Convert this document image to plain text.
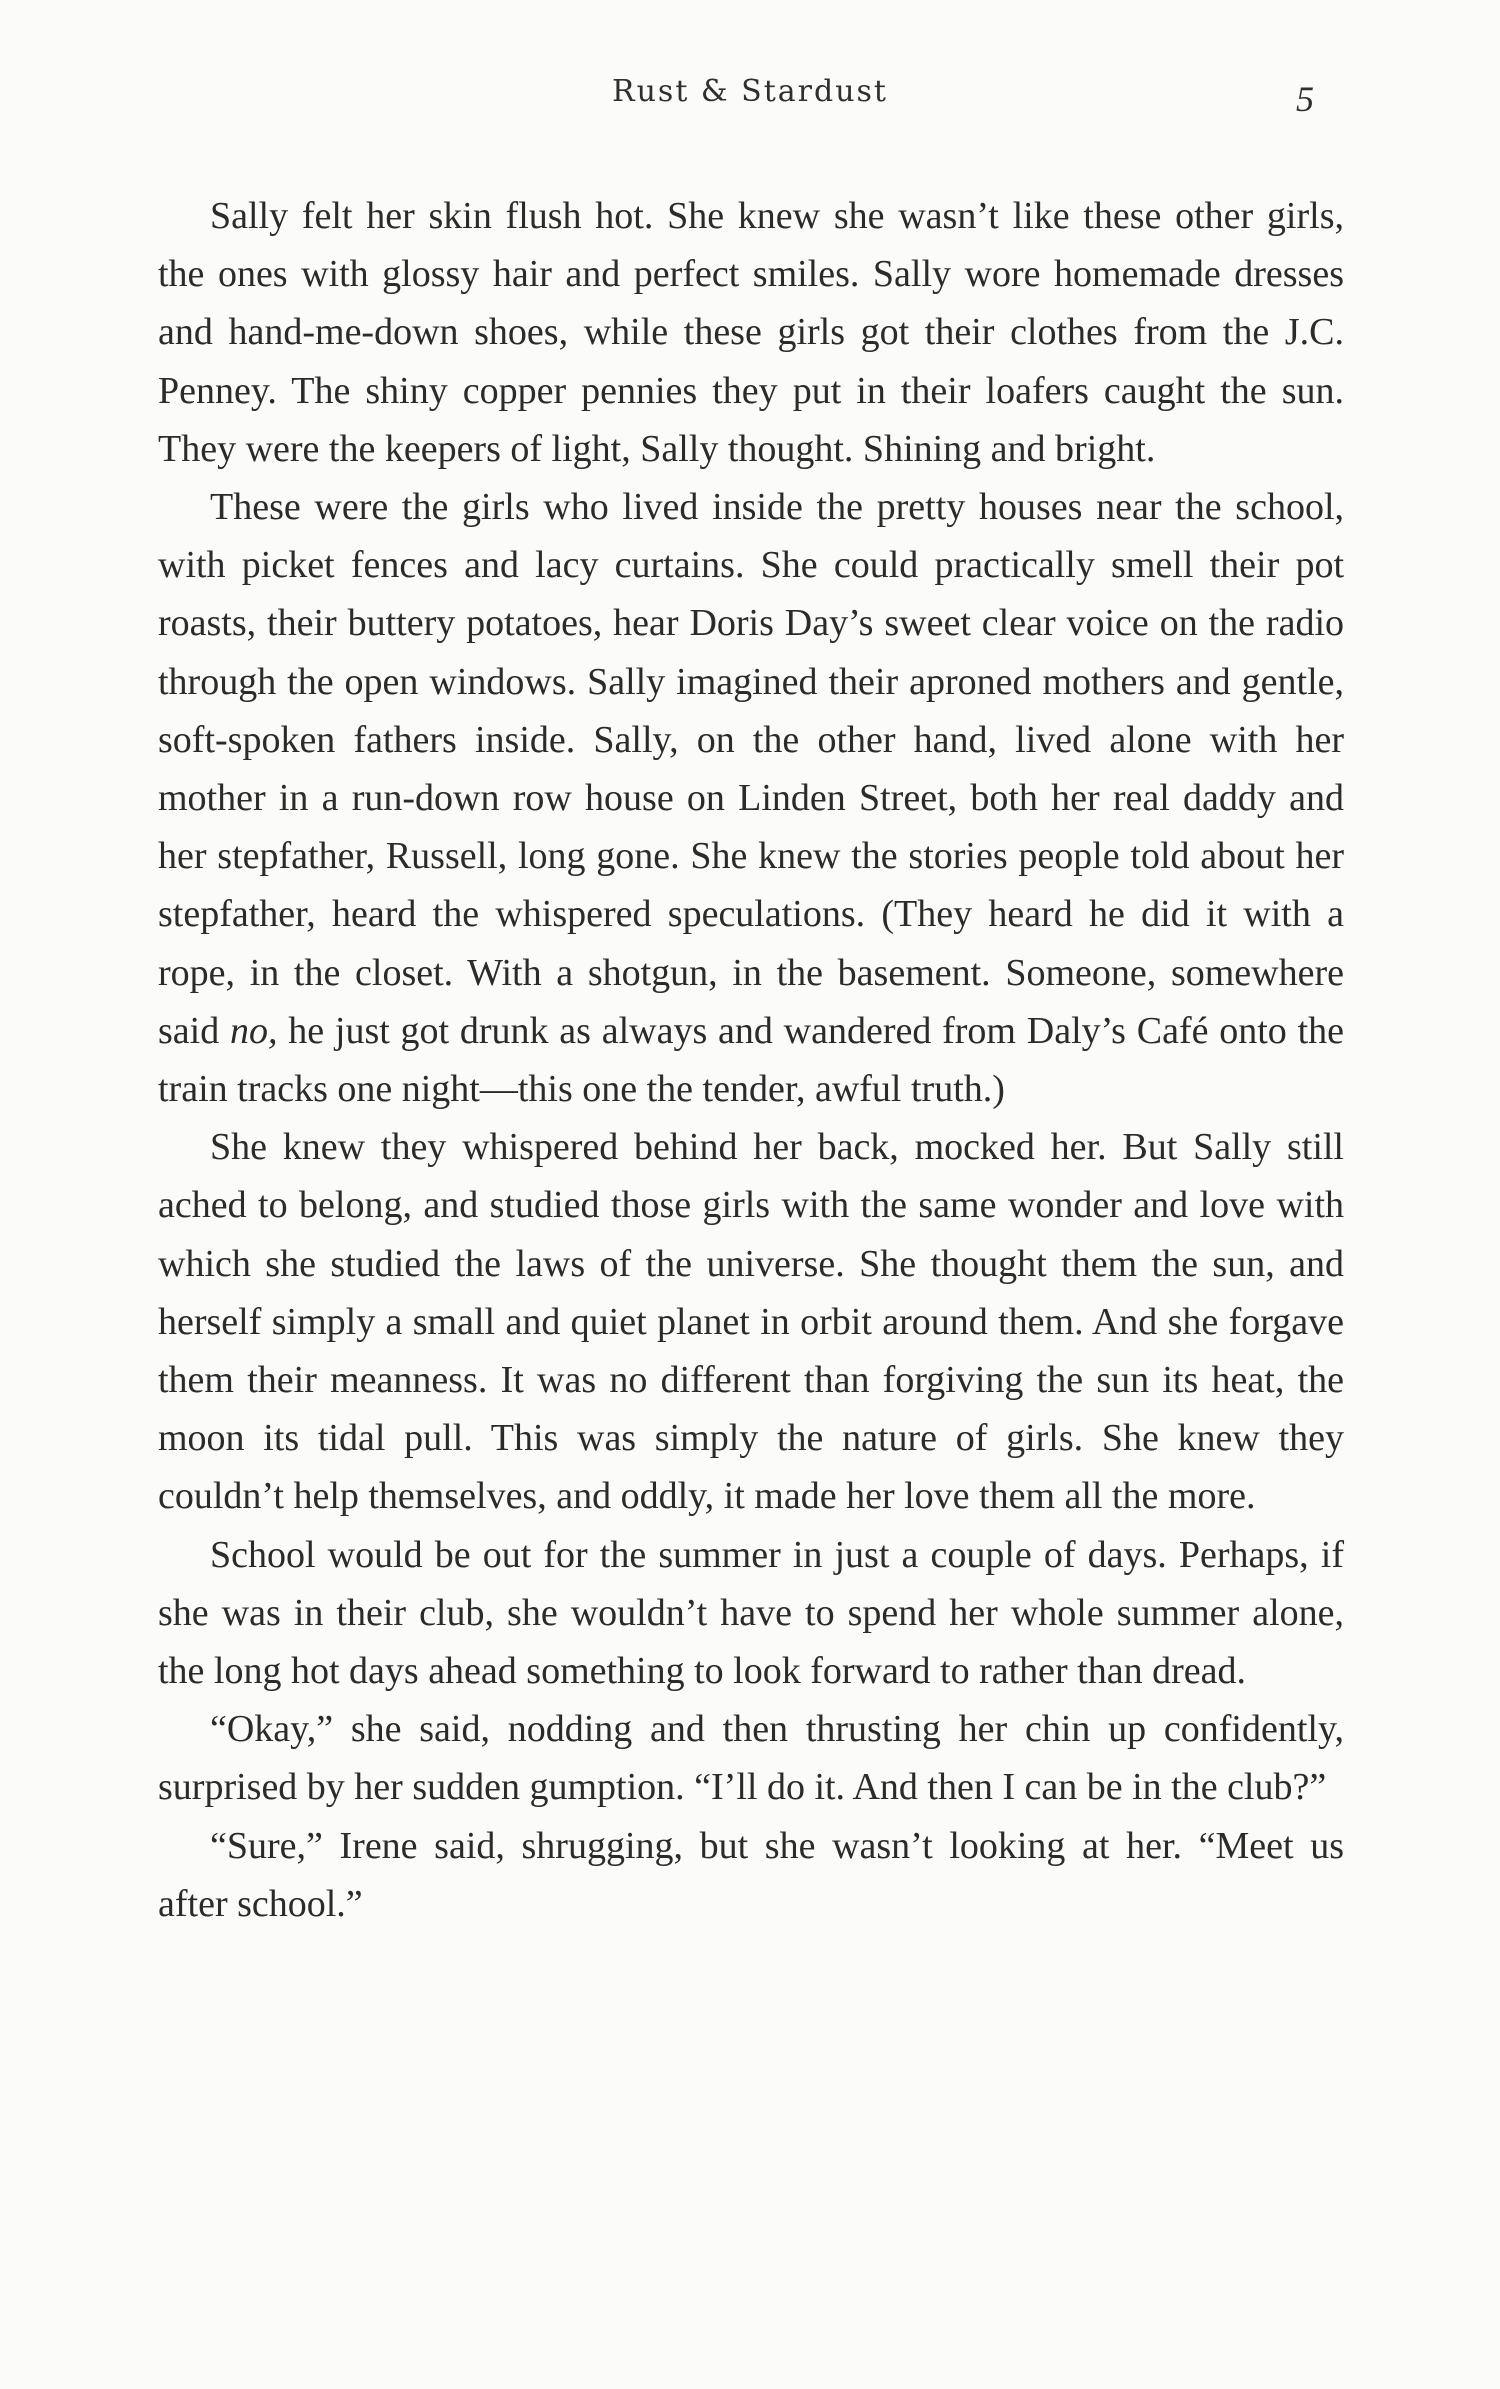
Rust & Stardust	5

Sally felt her skin flush hot. She knew she wasn’t like these other girls, the ones with glossy hair and perfect smiles. Sally wore homemade dresses and hand-me-down shoes, while these girls got their clothes from the J.C. Penney. The shiny copper pennies they put in their loafers caught the sun. They were the keepers of light, Sally thought. Shining and bright.

These were the girls who lived inside the pretty houses near the school, with picket fences and lacy curtains. She could practically smell their pot roasts, their buttery potatoes, hear Doris Day’s sweet clear voice on the radio through the open windows. Sally imagined their aproned mothers and gentle, soft-spoken fathers inside. Sally, on the other hand, lived alone with her mother in a run-down row house on Linden Street, both her real daddy and her stepfather, Russell, long gone. She knew the stories people told about her stepfather, heard the whispered speculations. (They heard he did it with a rope, in the closet. With a shotgun, in the basement. Someone, somewhere said no, he just got drunk as always and wandered from Daly’s Café onto the train tracks one night—this one the tender, awful truth.)

She knew they whispered behind her back, mocked her. But Sally still ached to belong, and studied those girls with the same wonder and love with which she studied the laws of the universe. She thought them the sun, and herself simply a small and quiet planet in orbit around them. And she forgave them their meanness. It was no different than forgiving the sun its heat, the moon its tidal pull. This was simply the nature of girls. She knew they couldn’t help themselves, and oddly, it made her love them all the more.

School would be out for the summer in just a couple of days. Perhaps, if she was in their club, she wouldn’t have to spend her whole summer alone, the long hot days ahead something to look forward to rather than dread.

“Okay,” she said, nodding and then thrusting her chin up confidently, surprised by her sudden gumption. “I’ll do it. And then I can be in the club?”

“Sure,” Irene said, shrugging, but she wasn’t looking at her. “Meet us after school.”
